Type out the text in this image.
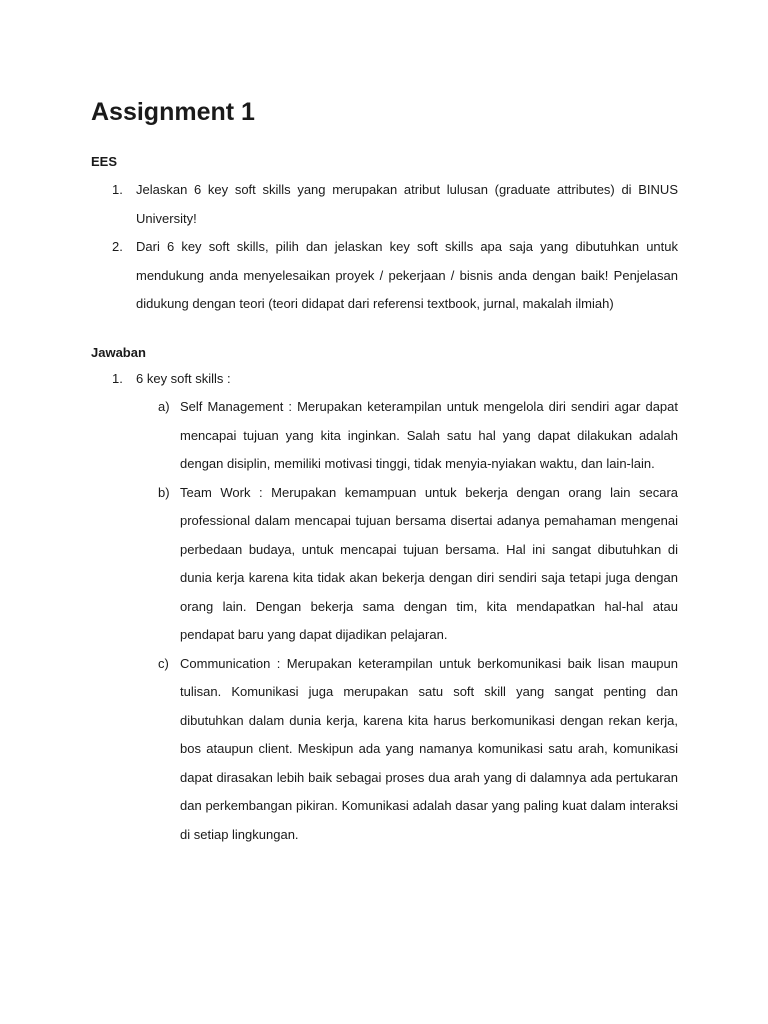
Assignment 1

EES

1. Jelaskan 6 key soft skills yang merupakan atribut lulusan (graduate attributes) di BINUS University!
2. Dari 6 key soft skills, pilih dan jelaskan key soft skills apa saja yang dibutuhkan untuk mendukung anda menyelesaikan proyek / pekerjaan / bisnis anda dengan baik! Penjelasan didukung dengan teori (teori didapat dari referensi textbook, jurnal, makalah ilmiah)

Jawaban

1. 6 key soft skills :
a) Self Management : Merupakan keterampilan untuk mengelola diri sendiri agar dapat mencapai tujuan yang kita inginkan. Salah satu hal yang dapat dilakukan adalah dengan disiplin, memiliki motivasi tinggi, tidak menyia-nyiakan waktu, dan lain-lain.
b) Team Work : Merupakan kemampuan untuk bekerja dengan orang lain secara professional dalam mencapai tujuan bersama disertai adanya pemahaman mengenai perbedaan budaya, untuk mencapai tujuan bersama. Hal ini sangat dibutuhkan di dunia kerja karena kita tidak akan bekerja dengan diri sendiri saja tetapi juga dengan orang lain. Dengan bekerja sama dengan tim, kita mendapatkan hal-hal atau pendapat baru yang dapat dijadikan pelajaran.
c) Communication : Merupakan keterampilan untuk berkomunikasi baik lisan maupun tulisan. Komunikasi juga merupakan satu soft skill yang sangat penting dan dibutuhkan dalam dunia kerja, karena kita harus berkomunikasi dengan rekan kerja, bos ataupun client. Meskipun ada yang namanya komunikasi satu arah, komunikasi dapat dirasakan lebih baik sebagai proses dua arah yang di dalamnya ada pertukaran dan perkembangan pikiran. Komunikasi adalah dasar yang paling kuat dalam interaksi di setiap lingkungan.
